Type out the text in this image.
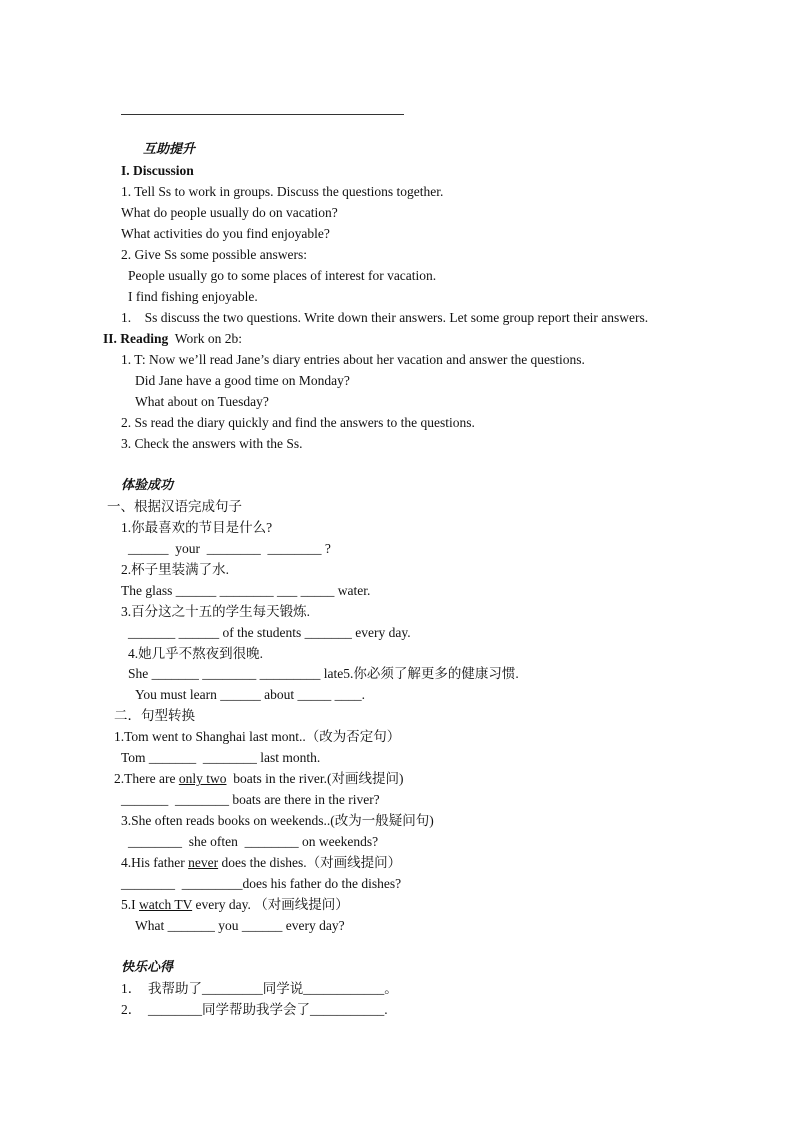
互助提升
I. Discussion
1. Tell Ss to work in groups. Discuss the questions together.
What do people usually do on vacation?
What activities do you find enjoyable?
2. Give Ss some possible answers:
People usually go to some places of interest for vacation.
I find fishing enjoyable.
1.    Ss discuss the two questions. Write down their answers. Let some group report their answers.
II. Reading Work on 2b:
1. T: Now we’ll read Jane’s diary entries about her vacation and answer the questions.
Did Jane have a good time on Monday?
What about on Tuesday?
2. Ss read the diary quickly and find the answers to the questions.
3. Check the answers with the Ss.
体验成功
一、根据汉语完成句子
1.你最喜欢的节目是什么?
______  your  ________  ________ ?
2.杯子里装满了水.
The glass ______ ________ ___ _____ water.
3.百分这之十五的学生每天锻炼.
_______ ______ of the students _______ every day.
4.她几乎不熬夜到很晚.
She _______ ________ _________ late5.你必须了解更多的健康习惯.
You must learn ______ about _____ ____.
二．句型转换
1.Tom went to Shanghai last mont..（改为否定句）
Tom _______  ________ last month.
2.There are only two  boats in the river.(对画线提问)
_______  ________ boats are there in the river?
3.She often reads books on weekends..(改为一般疑问句)
________  she often  ________ on weekends?
4.His father never does the dishes.（对画线提问）
________  _________does his father do the dishes?
5.I watch TV every day. （对画线提问）
What _______ you ______ every day?
快乐心得
1．  我帮助了_________同学说____________。
2．  ________同学帮助我学会了___________.
